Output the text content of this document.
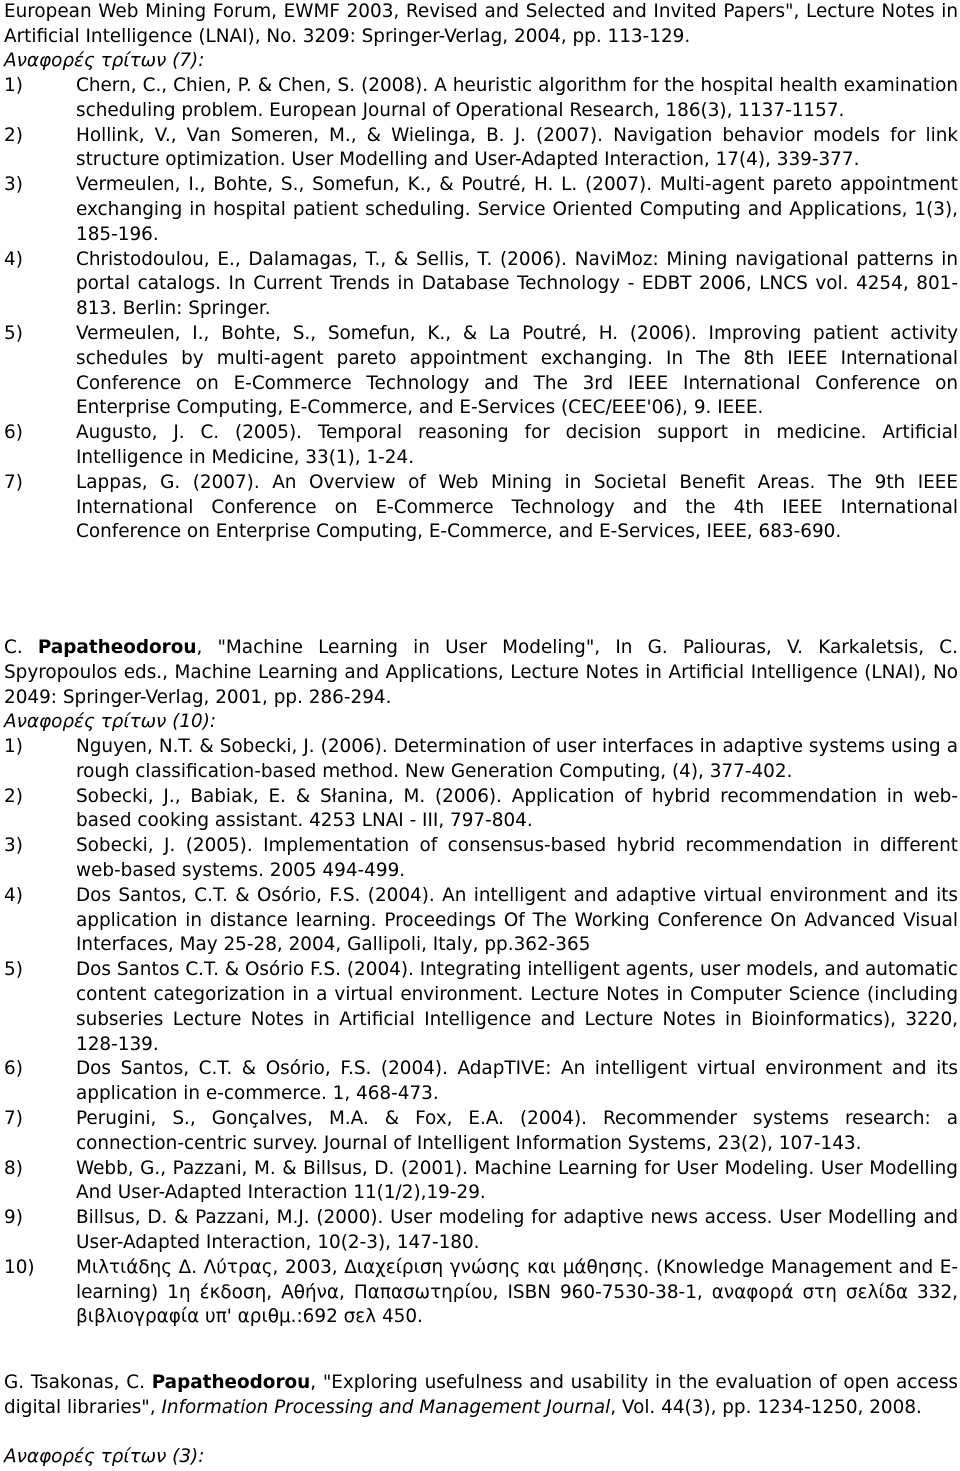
European Web Mining Forum, EWMF 2003, Revised and Selected and Invited Papers", Lecture Notes in Artificial Intelligence (LNAI), No. 3209: Springer-Verlag, 2004, pp. 113-129.
Αναφορές τρίτων (7):
1)	Chern, C., Chien, P. & Chen, S. (2008). A heuristic algorithm for the hospital health examination scheduling problem. European Journal of Operational Research, 186(3), 1137-1157.
2)	Hollink, V., Van Someren, M., & Wielinga, B. J. (2007). Navigation behavior models for link structure optimization. User Modelling and User-Adapted Interaction, 17(4), 339-377.
3)	Vermeulen, I., Bohte, S., Somefun, K., & Poutré, H. L. (2007). Multi-agent pareto appointment exchanging in hospital patient scheduling. Service Oriented Computing and Applications, 1(3), 185-196.
4)	Christodoulou, E., Dalamagas, T., & Sellis, T. (2006). NaviMoz: Mining navigational patterns in portal catalogs. In Current Trends in Database Technology - EDBT 2006, LNCS vol. 4254, 801-813. Berlin: Springer.
5)	Vermeulen, I., Bohte, S., Somefun, K., & La Poutré, H. (2006). Improving patient activity schedules by multi-agent pareto appointment exchanging. In The 8th IEEE International Conference on E-Commerce Technology and The 3rd IEEE International Conference on Enterprise Computing, E-Commerce, and E-Services (CEC/EEE'06), 9. IEEE.
6)	Augusto, J. C. (2005). Temporal reasoning for decision support in medicine. Artificial Intelligence in Medicine, 33(1), 1-24.
7)	Lappas, G. (2007). An Overview of Web Mining in Societal Benefit Areas. The 9th IEEE International Conference on E-Commerce Technology and the 4th IEEE International Conference on Enterprise Computing, E-Commerce, and E-Services, IEEE, 683-690.
C. Papatheodorou, "Machine Learning in User Modeling", In G. Paliouras, V. Karkaletsis, C. Spyropoulos eds., Machine Learning and Applications, Lecture Notes in Artificial Intelligence (LNAI), No 2049: Springer-Verlag, 2001, pp. 286-294.
Αναφορές τρίτων (10):
1)	Nguyen, N.T. & Sobecki, J. (2006). Determination of user interfaces in adaptive systems using a rough classification-based method. New Generation Computing, (4), 377-402.
2)	Sobecki, J., Babiak, E. & Słanina, M. (2006). Application of hybrid recommendation in web-based cooking assistant. 4253 LNAI - III, 797-804.
3)	Sobecki, J. (2005). Implementation of consensus-based hybrid recommendation in different web-based systems. 2005 494-499.
4)	Dos Santos, C.T. & Osório, F.S. (2004). An intelligent and adaptive virtual environment and its application in distance learning. Proceedings Of The Working Conference On Advanced Visual Interfaces, May 25-28, 2004, Gallipoli, Italy, pp.362-365
5)	Dos Santos C.T. & Osório F.S. (2004). Integrating intelligent agents, user models, and automatic content categorization in a virtual environment. Lecture Notes in Computer Science (including subseries Lecture Notes in Artificial Intelligence and Lecture Notes in Bioinformatics), 3220, 128-139.
6)	Dos Santos, C.T. & Osório, F.S. (2004). AdapTIVE: An intelligent virtual environment and its application in e-commerce. 1, 468-473.
7)	Perugini, S., Gonçalves, M.A. & Fox, E.A. (2004). Recommender systems research: a connection-centric survey. Journal of Intelligent Information Systems, 23(2), 107-143.
8)	Webb, G., Pazzani, M. & Billsus, D. (2001). Machine Learning for User Modeling. User Modelling And User-Adapted Interaction 11(1/2),19-29.
9)	Billsus, D. & Pazzani, M.J. (2000). User modeling for adaptive news access. User Modelling and User-Adapted Interaction, 10(2-3), 147-180.
10)	Μιλτιάδης Δ. Λύτρας, 2003, Διαχείριση γνώσης και μάθησης. (Knowledge Management and E-learning) 1η έκδοση, Αθήνα, Παπασωτηρίου, ISBN 960-7530-38-1, αναφορά στη σελίδα 332, βιβλιογραφία υπ' αριθμ.:692 σελ 450.
G. Tsakonas, C. Papatheodorou, "Exploring usefulness and usability in the evaluation of open access digital libraries", Information Processing and Management Journal, Vol. 44(3), pp. 1234-1250, 2008.
Αναφορές τρίτων (3):
